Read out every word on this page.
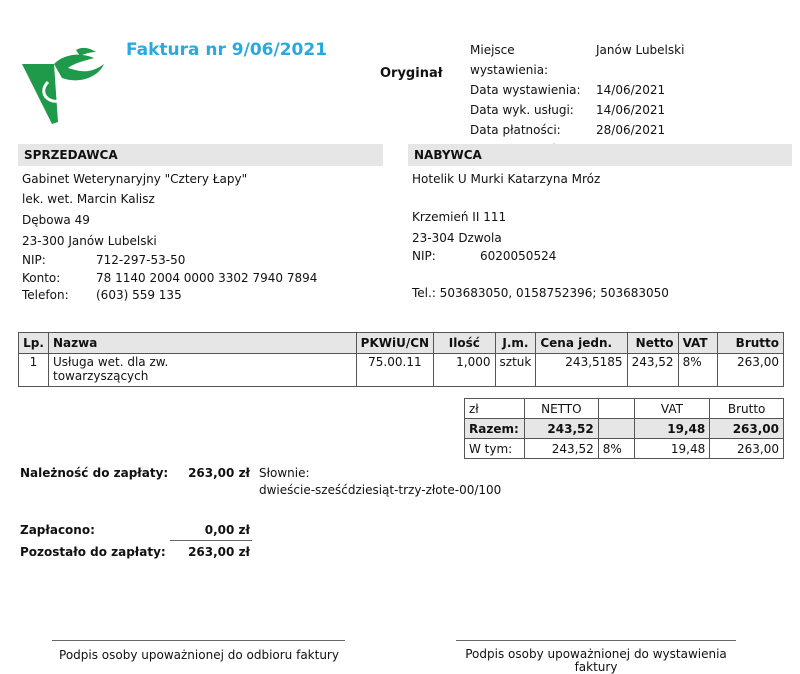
Faktura nr 9/06/2021
Oryginał
Miejsce wystawienia:
Janów Lubelski
Data wystawienia:	14/06/2021
Data wyk. usługi:	14/06/2021
Data płatności:	28/06/2021
SPRZEDAWCA
Gabinet Weterynaryjny "Cztery Łapy"
lek. wet. Marcin Kalisz
Dębowa 49
23-300 Janów Lubelski
NIP:	712-297-53-50
Konto:	78 1140 2004 0000 3302 7940 7894
Telefon: (603) 559 135
NABYWCA
Hotelik U Murki Katarzyna Mróz
Krzemień II 111
23-304 Dzwola
NIP:	6020050524
Tel.: 503683050, 0158752396; 503683050
Lp.	Nazwa	PKWiU/CN	Ilość	J.m.	Cena jedn.	Netto	VAT	Brutto
1	Usługa wet. dla zw.
towarzyszących	75.00.11	1,000	sztuk	243,5185	243,52	8%	263,00
zł	NETTO		VAT	Brutto
Razem:	243,52		19,48	263,00
W tym:	243,52	8%	19,48	263,00
Należność do zapłaty:	263,00 zł Słownie:
dwieście-sześćdziesiąt-trzy-złote-00/100
Zapłacono:	0,00 zł
Pozostało do zapłaty:	263,00 zł
Podpis osoby upoważnionej do odbioru faktury	Podpis osoby upoważnionej do wystawienia
faktury
